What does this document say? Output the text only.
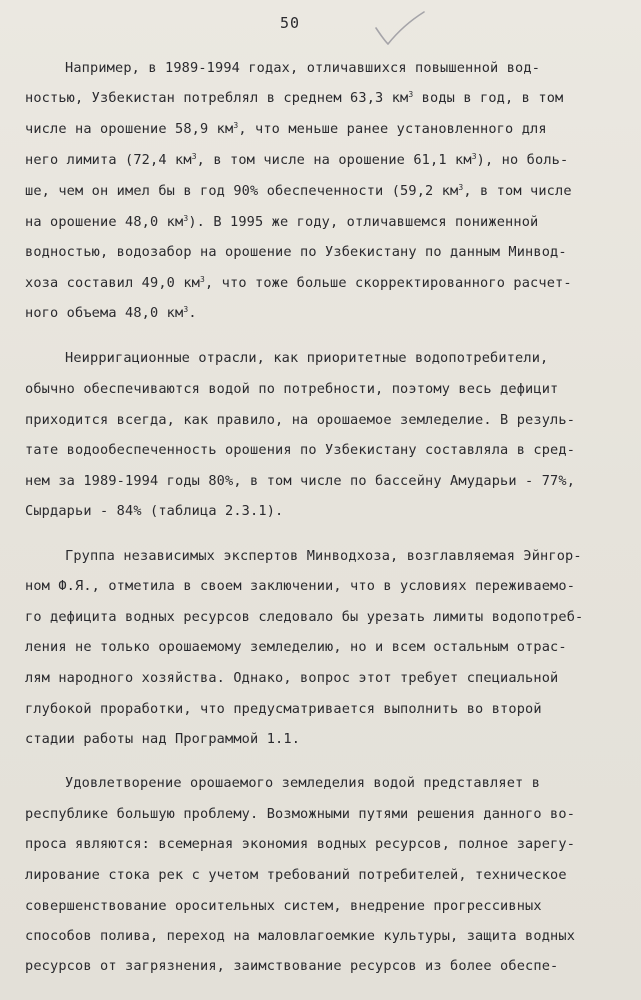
50
Например, в 1989-1994 годах, отличавшихся повышенной вод-
ностью, Узбекистан потреблял в среднем 63,3 $км^3$ воды в год, в том
числе на орошение 58,9 $км^3$, что меньше ранее установленного для
него лимита (72,4 $км^3$, в том числе на орошение 61,1 $км^3$), но боль-
ше, чем он имел бы в год 90% обеспеченности (59,2 $км^3$, в том числе
на орошение 48,0 $км^3$). В 1995 же году, отличавшемся пониженной
водностью, водозабор на орошение по Узбекистану по данным Минвод-
хоза составил 49,0 $км^3$, что тоже больше скорректированного расчет-
ного объема 48,0 $км^3$.
Неирригационные отрасли, как приоритетные водопотребители,
обычно обеспечиваются водой по потребности, поэтому весь дефицит
приходится всегда, как правило, на орошаемое земледелие. В резуль-
тате водообеспеченность орошения по Узбекистану составляла в сред-
нем за 1989-1994 годы 80%, в том числе по бассейну Амударьи - 77%,
Сырдарьи - 84% (таблица 2.3.1).
Группа независимых экспертов Минводхоза, возглавляемая Эйнгор-
ном Ф.Я., отметила в своем заключении, что в условиях переживаемо-
го дефицита водных ресурсов следовало бы урезать лимиты водопотреб-
ления не только орошаемому земледелию, но и всем остальным отрас-
лям народного хозяйства. Однако, вопрос этот требует специальной
глубокой проработки, что предусматривается выполнить во второй
стадии работы над Программой 1.1.
Удовлетворение орошаемого земледелия водой представляет в
республике большую проблему. Возможными путями решения данного во-
проса являются: всемерная экономия водных ресурсов, полное зарегу-
лирование стока рек с учетом требований потребителей, техническое
совершенствование оросительных систем, внедрение прогрессивных
способов полива, переход на маловлагоемкие культуры, защита водных
ресурсов от загрязнения, заимствование ресурсов из более обеспе-
